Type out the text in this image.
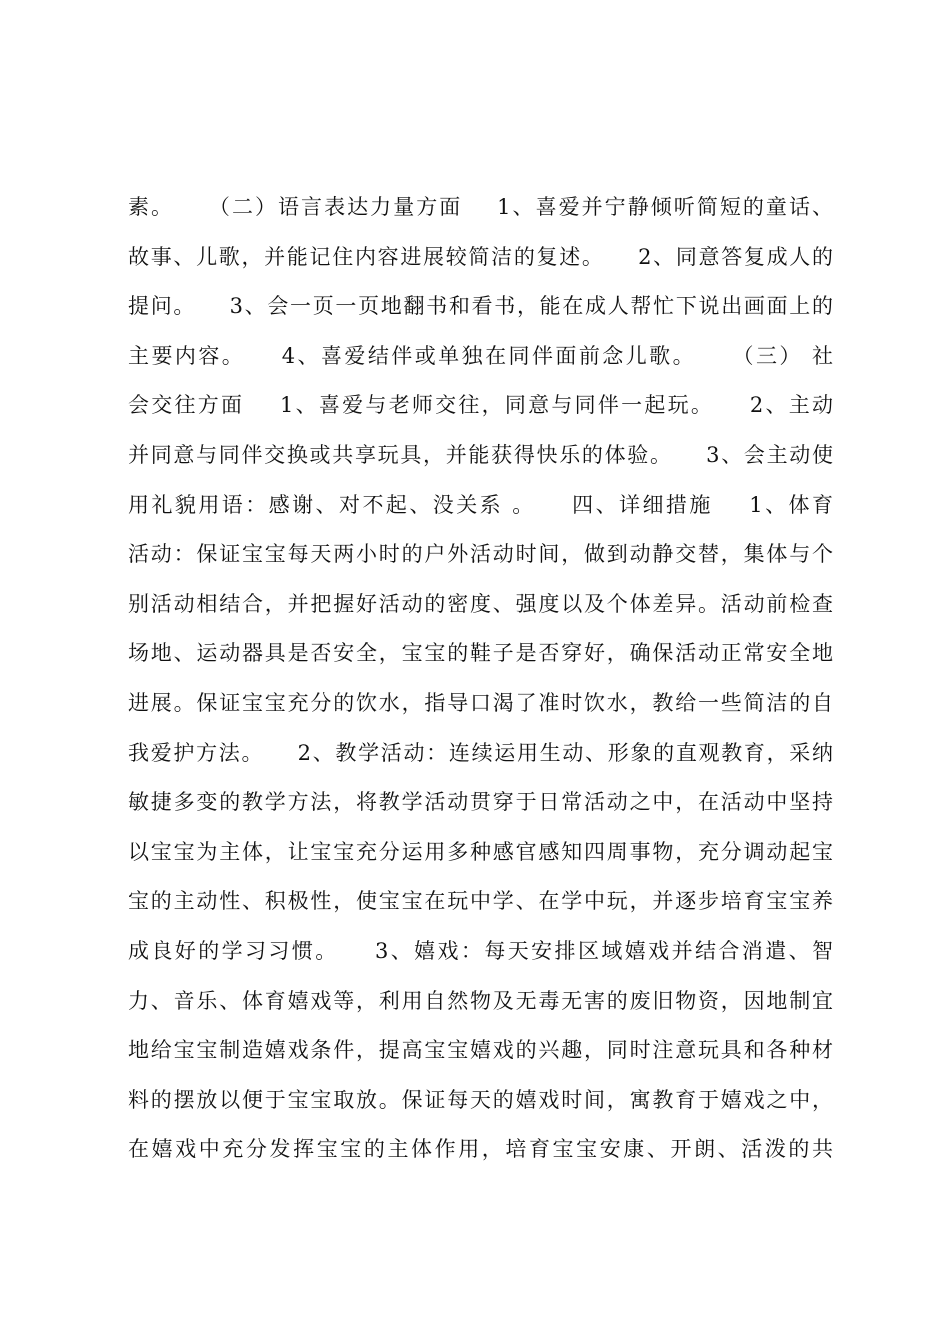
素。    （二）语言表达力量方面    1、喜爱并宁静倾听简短的童话、
故事、儿歌，并能记住内容进展较简洁的复述。    2、同意答复成人的
提问。    3、会一页一页地翻书和看书，能在成人帮忙下说出画面上的
主要内容。    4、喜爱结伴或单独在同伴面前念儿歌。    （三） 社
会交往方面    1、喜爱与老师交往，同意与同伴一起玩。    2、主动
并同意与同伴交换或共享玩具，并能获得快乐的体验。    3、会主动使
用礼貌用语：感谢、对不起、没关系 。    四、详细措施    1、体育
活动：保证宝宝每天两小时的户外活动时间，做到动静交替，集体与个
别活动相结合，并把握好活动的密度、强度以及个体差异。活动前检查
场地、运动器具是否安全，宝宝的鞋子是否穿好，确保活动正常安全地
进展。保证宝宝充分的饮水，指导口渴了准时饮水，教给一些简洁的自
我爱护方法。    2、教学活动：连续运用生动、形象的直观教育，采纳
敏捷多变的教学方法，将教学活动贯穿于日常活动之中，在活动中坚持
以宝宝为主体，让宝宝充分运用多种感官感知四周事物，充分调动起宝
宝的主动性、积极性，使宝宝在玩中学、在学中玩，并逐步培育宝宝养
成良好的学习习惯。    3、嬉戏：每天安排区域嬉戏并结合消遣、智
力、音乐、体育嬉戏等，利用自然物及无毒无害的废旧物资，因地制宜
地给宝宝制造嬉戏条件，提高宝宝嬉戏的兴趣，同时注意玩具和各种材
料的摆放以便于宝宝取放。保证每天的嬉戏时间，寓教育于嬉戏之中，
在嬉戏中充分发挥宝宝的主体作用，培育宝宝安康、开朗、活泼的共
